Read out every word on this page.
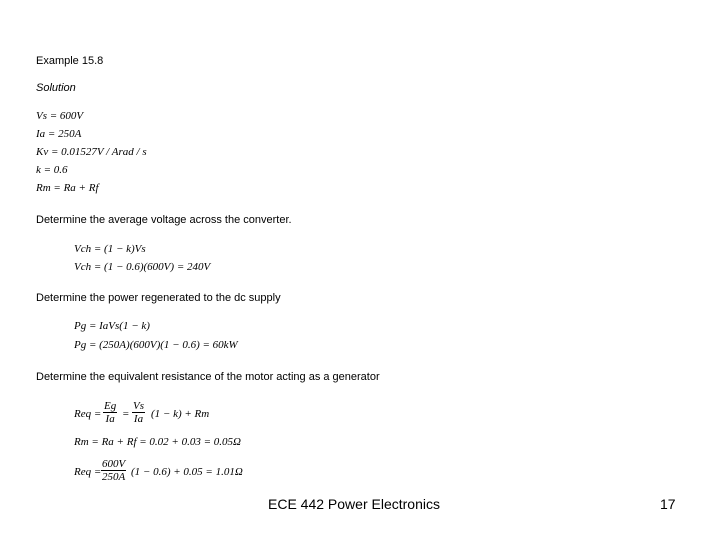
Example 15.8
Solution
Vs = 600V
Ia = 250A
Kv = 0.01527V / Arad / s
k = 0.6
Rm = Ra + Rf
Determine the average voltage across the converter.
Vch = (1 − k)Vs
Vch = (1 − 0.6)(600V) = 240V
Determine the power regenerated to the dc supply
Pg = IaVs(1 − k)
Pg = (250A)(600V)(1 − 0.6) = 60kW
Determine the equivalent resistance of the motor acting as a generator
Req = $\frac{Eg}{Ia} = \frac{Vs}{Ia} (1 - k) + Rm$
Rm = Ra + Rf = 0.02 + 0.03 = 0.05Ω
Req = $\frac{600V}{250A} (1 - 0.6) + 0.05 = 1.01\Omega$
ECE 442 Power Electronics	17
